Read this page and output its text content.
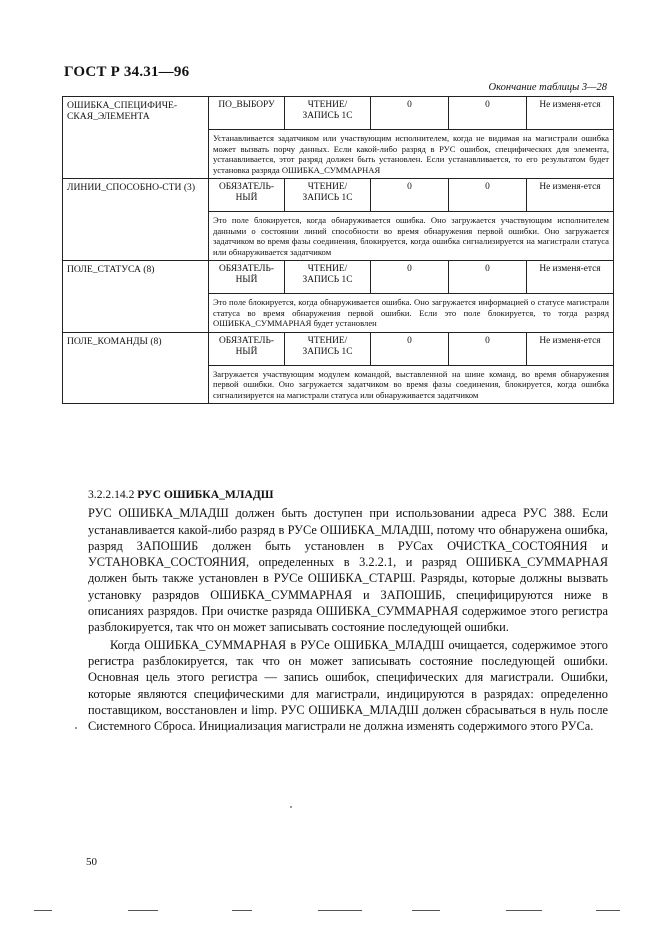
ГОСТ Р 34.31—96
Окончание таблицы 3—28
ОШИБКА_СПЕЦИФИЧЕ-СКАЯ_ЭЛЕМЕНТА	ПО_ВЫБОРУ	ЧТЕНИЕ/ ЗАПИСЬ 1С	0	0	Не изменя-ется
	Устанавливается задатчиком или участвующим исполнителем, когда не видимая на магистрали ошибка может вызвать порчу данных. Если какой-либо разряд в РУС ошибок, специфических для элемента, устанавливается, этот разряд должен быть установлен. Если устанавливается, то его результатом будет установка разряда ОШИБКА_СУММАРНАЯ				
ЛИНИИ_СПОСОБНО-СТИ (3)	ОБЯЗАТЕЛЬ-НЫЙ	ЧТЕНИЕ/ ЗАПИСЬ 1С	0	0	Не изменя-ется
	Это поле блокируется, когда обнаруживается ошибка. Оно загружается участвующим исполнителем данными о состоянии линий способности во время обнаружения первой ошибки. Оно загружается задатчиком во время фазы соединения, блокируется, когда ошибка сигнализируется на магистрали статуса или обнаруживается задатчиком				
ПОЛЕ_СТАТУСА (8)	ОБЯЗАТЕЛЬ-НЫЙ	ЧТЕНИЕ/ ЗАПИСЬ 1С	0	0	Не изменя-ется
	Это поле блокируется, когда обнаруживается ошибка. Оно загружается информацией о статусе магистрали статуса во время обнаружения первой ошибки. Если это поле блокируется, то тогда разряд ОШИБКА_СУММАРНАЯ будет установлен				
ПОЛЕ_КОМАНДЫ (8)	ОБЯЗАТЕЛЬ-НЫЙ	ЧТЕНИЕ/ ЗАПИСЬ 1С	0	0	Не изменя-ется
	Загружается участвующим модулем командой, выставленной на шине команд, во время обнаружения первой ошибки. Оно загружается задатчиком во время фазы соединения, блокируется, когда ошибка сигнализируется на магистрали статуса или обнаруживается задатчиком				
3.2.2.14.2 РУС ОШИБКА_МЛАДШ

РУС ОШИБКА_МЛАДШ должен быть доступен при использовании адреса РУС 388. Если устанавливается какой-либо разряд в РУСе ОШИБКА_МЛАДШ, потому что обнаружена ошибка, разряд ЗАПОШИБ должен быть установлен в РУСах ОЧИСТКА_СОСТОЯНИЯ и УСТАНОВКА_СОСТОЯНИЯ, определенных в 3.2.2.1, и разряд ОШИБКА_СУММАРНАЯ должен быть также установлен в РУСе ОШИБКА_СТАРШ. Разряды, которые должны вызвать установку разрядов ОШИБКА_СУММАРНАЯ и ЗАПОШИБ, специфицируются ниже в описаниях разрядов. При очистке разряда ОШИБКА_СУММАРНАЯ содержимое этого регистра разблокируется, так что он может записывать состояние последующей ошибки.

Когда ОШИБКА_СУММАРНАЯ в РУСе ОШИБКА_МЛАДШ очищается, содержимое этого регистра разблокируется, так что он может записывать состояние последующей ошибки. Основная цель этого регистра — запись ошибок, специфических для магистрали. Ошибки, которые являются специфическими для магистрали, индицируются в разрядах: определенно поставщиком, восстановлен и limp. РУС ОШИБКА_МЛАДШ должен сбрасываться в нуль после Системного Сброса. Инициализация магистрали не должна изменять содержимого этого РУСа.

50
